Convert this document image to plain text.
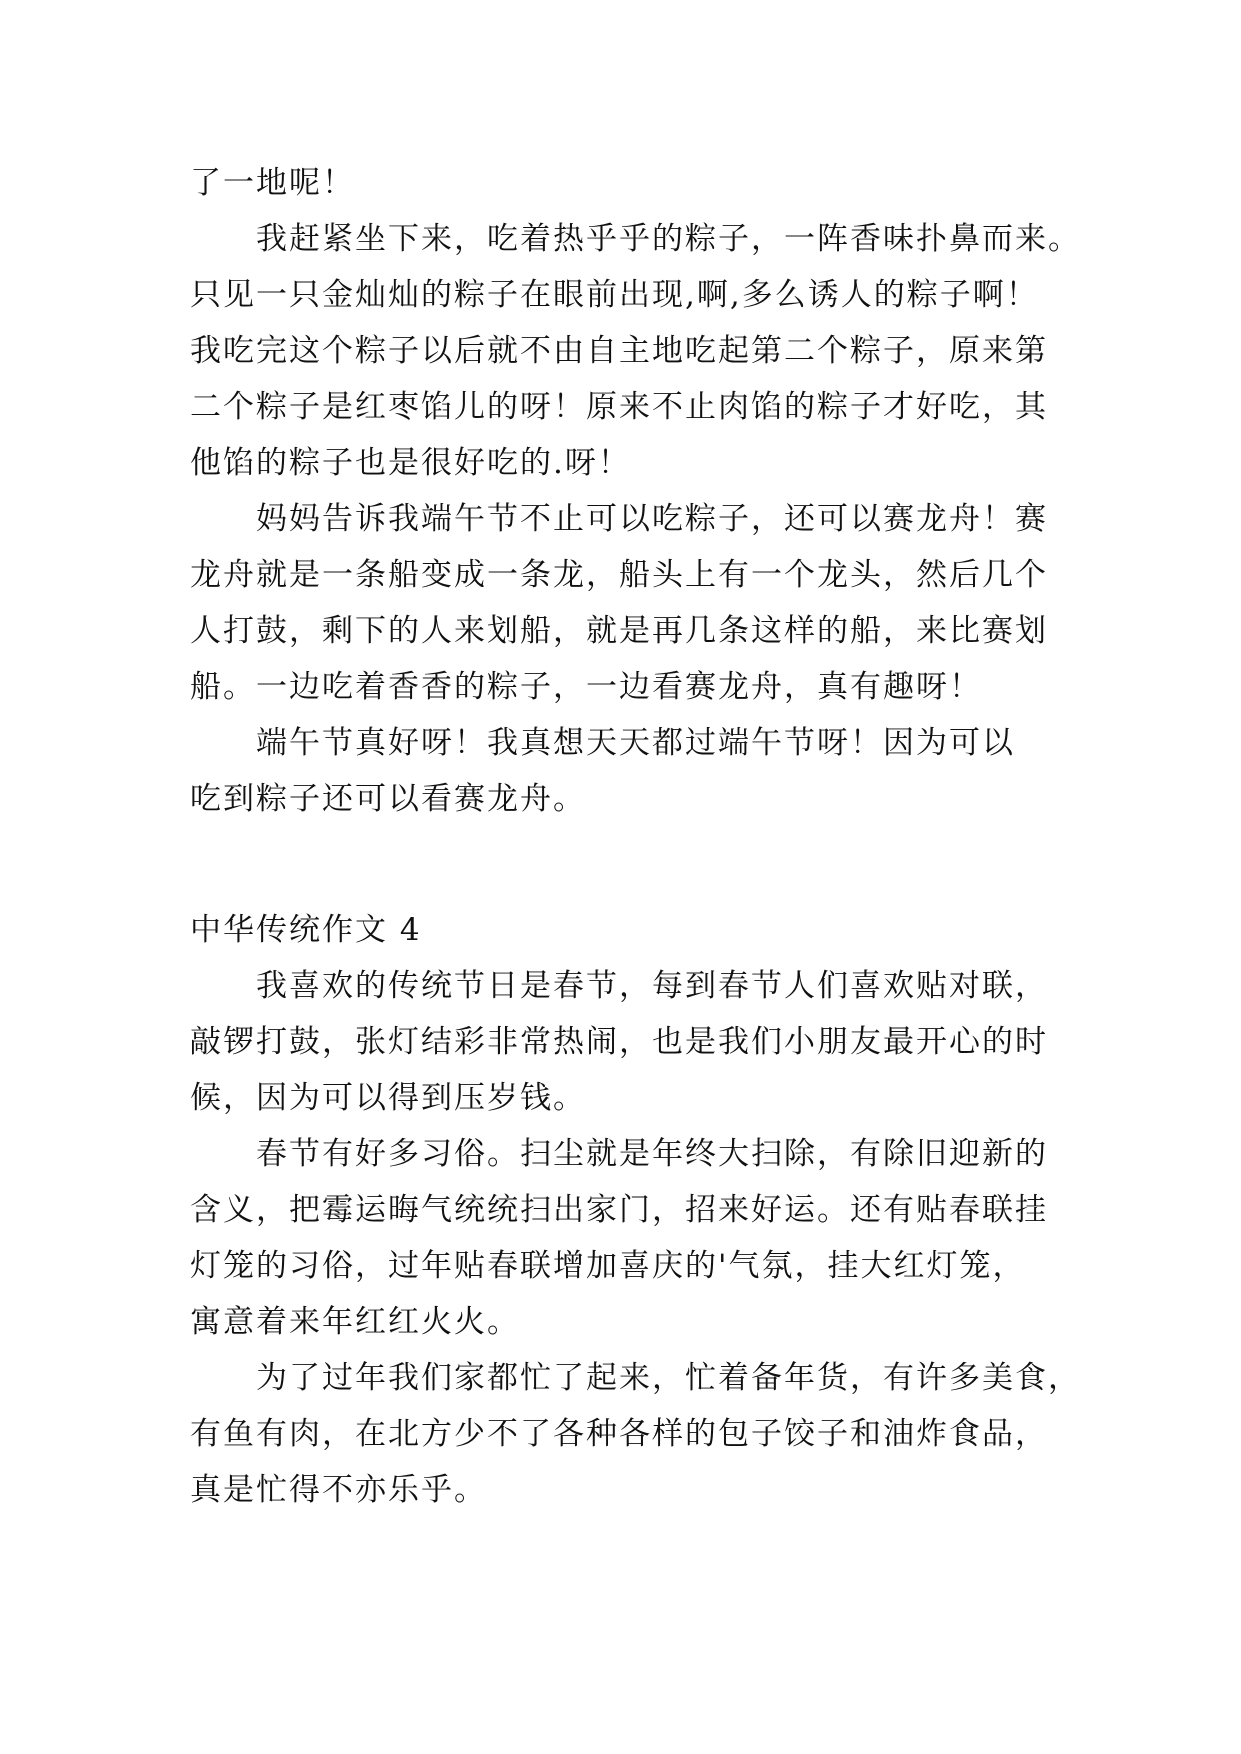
了一地呢！
我赶紧坐下来，吃着热乎乎的粽子，一阵香味扑鼻而来。
只见一只金灿灿的粽子在眼前出现,啊,多么诱人的粽子啊！
我吃完这个粽子以后就不由自主地吃起第二个粽子，原来第
二个粽子是红枣馅儿的呀！原来不止肉馅的粽子才好吃，其
他馅的粽子也是很好吃的.呀！
妈妈告诉我端午节不止可以吃粽子，还可以赛龙舟！赛
龙舟就是一条船变成一条龙，船头上有一个龙头，然后几个
人打鼓，剩下的人来划船，就是再几条这样的船，来比赛划
船。一边吃着香香的粽子，一边看赛龙舟，真有趣呀！
端午节真好呀！我真想天天都过端午节呀！因为可以
吃到粽子还可以看赛龙舟。
中华传统作文 4
我喜欢的传统节日是春节，每到春节人们喜欢贴对联，
敲锣打鼓，张灯结彩非常热闹，也是我们小朋友最开心的时
候，因为可以得到压岁钱。
春节有好多习俗。扫尘就是年终大扫除，有除旧迎新的
含义，把霉运晦气统统扫出家门，招来好运。还有贴春联挂
灯笼的习俗，过年贴春联增加喜庆的'气氛，挂大红灯笼，
寓意着来年红红火火。
为了过年我们家都忙了起来，忙着备年货，有许多美食，
有鱼有肉，在北方少不了各种各样的包子饺子和油炸食品，
真是忙得不亦乐乎。
